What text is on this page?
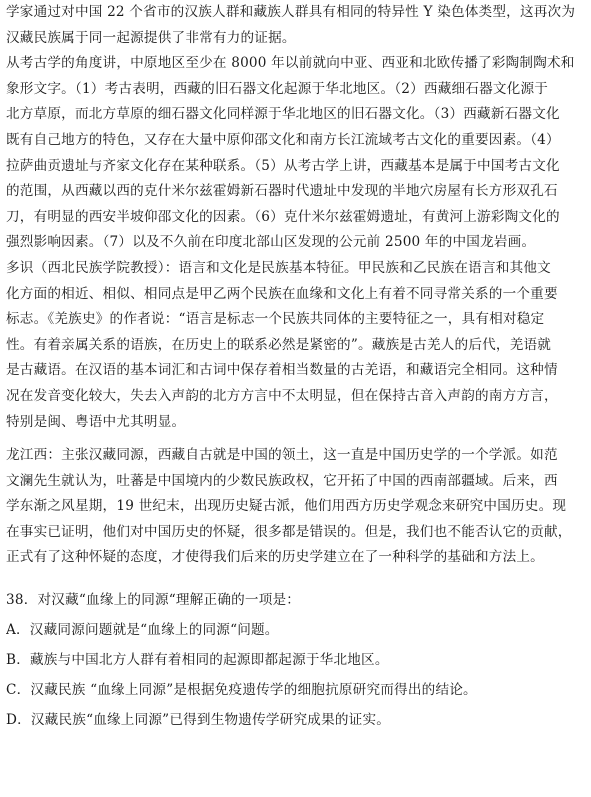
学家通过对中国 22 个省市的汉族人群和藏族人群具有相同的特异性 Y 染色体类型，这再次为
汉藏民族属于同一起源提供了非常有力的证据。
从考古学的角度讲，中原地区至少在 8000 年以前就向中亚、西亚和北欧传播了彩陶制陶术和
象形文字。（1）考古表明，西藏的旧石器文化起源于华北地区。（2）西藏细石器文化源于
北方草原，而北方草原的细石器文化同样源于华北地区的旧石器文化。（3）西藏新石器文化
既有自己地方的特色，又存在大量中原仰邵文化和南方长江流域考古文化的重要因素。（4）
拉萨曲贡遗址与齐家文化存在某种联系。（5）从考古学上讲，西藏基本是属于中国考古文化
的范围，从西藏以西的克什米尔兹霍姆新石器时代遗址中发现的半地穴房屋有长方形双孔石
刀，有明显的西安半坡仰邵文化的因素。（6）克什米尔兹霍姆遗址，有黄河上游彩陶文化的
强烈影响因素。（7）以及不久前在印度北部山区发现的公元前 2500 年的中国龙岩画。
多识（西北民族学院教授）：语言和文化是民族基本特征。甲民族和乙民族在语言和其他文
化方面的相近、相似、相同点是甲乙两个民族在血缘和文化上有着不同寻常关系的一个重要
标志。《羌族史》的作者说：“语言是标志一个民族共同体的主要特征之一，具有相对稳定
性。有着亲属关系的语族，在历史上的联系必然是紧密的”。藏族是古羌人的后代，羌语就
是古藏语。在汉语的基本词汇和古词中保存着相当数量的古羌语，和藏语完全相同。这种情
况在发音变化较大，失去入声韵的北方方言中不太明显，但在保持古音入声韵的南方方言，
特别是闽、粤语中尤其明显。
龙江西：主张汉藏同源，西藏自古就是中国的领土，这一直是中国历史学的一个学派。如范
文澜先生就认为，吐蕃是中国境内的少数民族政权，它开拓了中国的西南部疆域。后来，西
学东渐之风星期，19 世纪末，出现历史疑古派，他们用西方历史学观念来研究中国历史。现
在事实已证明，他们对中国历史的怀疑，很多都是错误的。但是，我们也不能否认它的贡献，
正式有了这种怀疑的态度，才使得我们后来的历史学建立在了一种科学的基础和方法上。
38．对汉藏“血缘上的同源“理解正确的一项是：
A．汉藏同源问题就是“血缘上的同源“问题。
B．藏族与中国北方人群有着相同的起源即都起源于华北地区。
C．汉藏民族 “血缘上同源”是根据免疫遗传学的细胞抗原研究而得出的结论。
D．汉藏民族“血缘上同源”已得到生物遗传学研究成果的证实。
